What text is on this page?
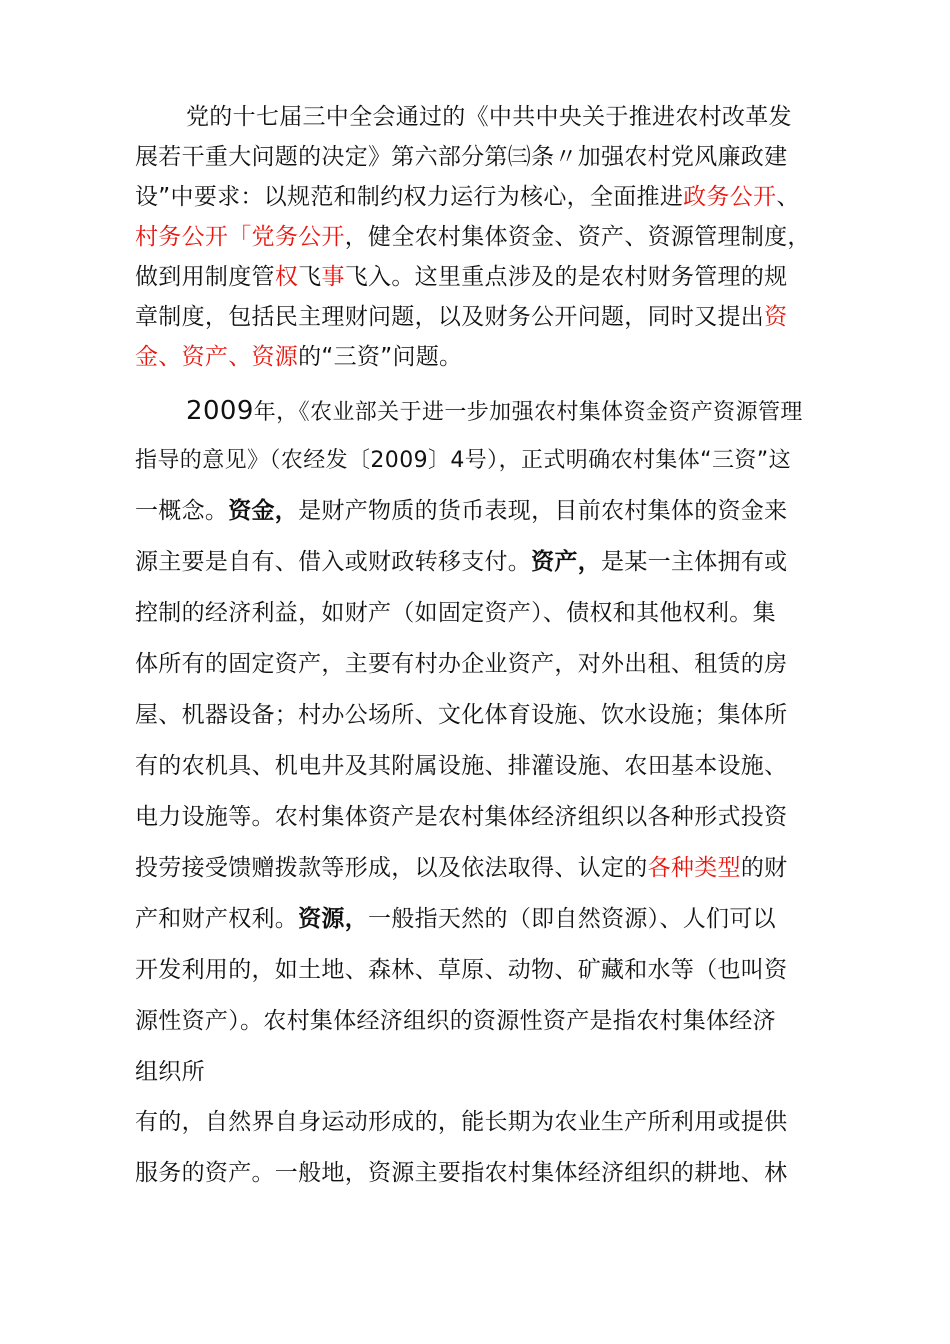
党的十七届三中全会通过的《中共中央关于推进农村改革发
展若干重大问题的决定》第六部分第㈢条〃加强农村党风廉政建
设”中要求：以规范和制约权力运行为核心，全面推进政务公开、
村务公开「党务公开，健全农村集体资金、资产、资源管理制度，
做到用制度管权飞事飞入。这里重点涉及的是农村财务管理的规
章制度，包括民主理财问题，以及财务公开问题，同时又提出资
金、资产、资源的“三资”问题。
2009年，《农业部关于进一步加强农村集体资金资产资源管理
指导的意见》（农经发〔2009〕4号），正式明确农村集体“三资”这
一概念。资金，是财产物质的货币表现，目前农村集体的资金来
源主要是自有、借入或财政转移支付。资产，是某一主体拥有或
控制的经济利益，如财产（如固定资产）、债权和其他权利。集
体所有的固定资产，主要有村办企业资产，对外出租、租赁的房
屋、机器设备；村办公场所、文化体育设施、饮水设施；集体所
有的农机具、机电井及其附属设施、排灌设施、农田基本设施、
电力设施等。农村集体资产是农村集体经济组织以各种形式投资
投劳接受馈赠拨款等形成，以及依法取得、认定的各种类型的财
产和财产权利。资源，一般指天然的（即自然资源）、人们可以
开发利用的，如土地、森林、草原、动物、矿藏和水等（也叫资
源性资产）。农村集体经济组织的资源性资产是指农村集体经济
组织所
有的，自然界自身运动形成的，能长期为农业生产所利用或提供
服务的资产。一般地，资源主要指农村集体经济组织的耕地、林
